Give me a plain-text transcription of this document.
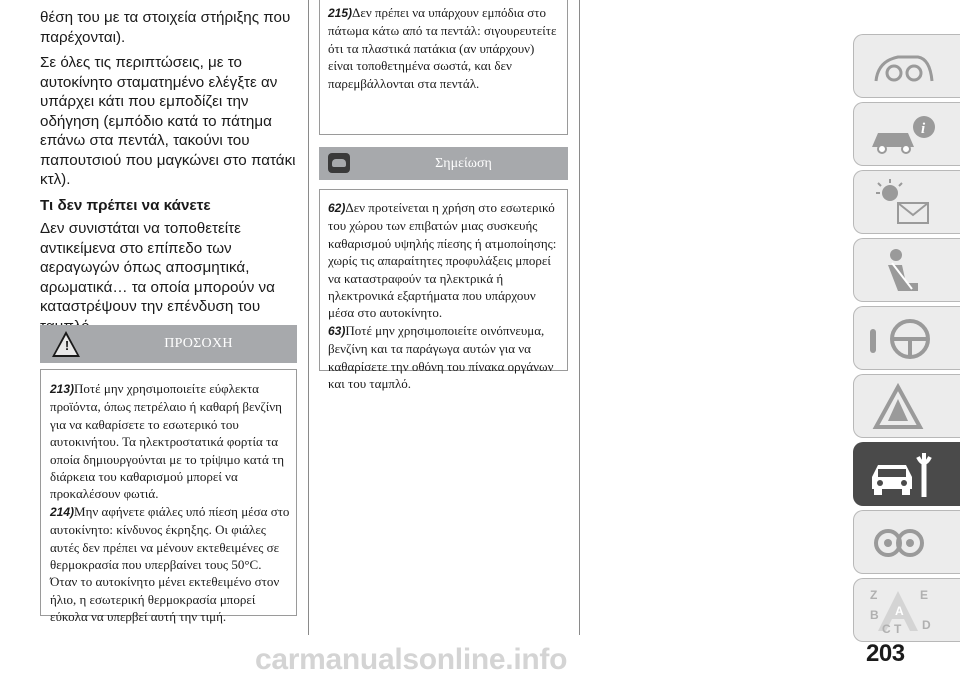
θέση του με τα στοιχεία στήριξης που παρέχονται).

Σε όλες τις περιπτώσεις, με το αυτοκίνητο σταματημένο ελέγξτε αν υπάρχει κάτι που εμποδίζει την οδήγηση (εμπόδιο κατά το πάτημα επάνω στα πεντάλ, τακούνι του παπουτσιού που μαγκώνει στο πατάκι κτλ).

Τι δεν πρέπει να κάνετε

Δεν συνιστάται να τοποθετείτε αντικείμενα στο επίπεδο των αεραγωγών όπως αποσμητικά, αρωματικά… τα οποία μπορούν να καταστρέψουν την επένδυση του

!	ΠΡΟΣΟΧΗ

213)Ποτέ μην χρησιμοποιείτε εύφλεκτα προϊόντα, όπως πετρέλαιο ή καθαρή βενζίνη για να καθαρίσετε το εσωτερικό του αυτοκινήτου. Τα ηλεκτροστατικά φορτία τα οποία δημιουργούνται με το τρίψιμο κατά τη διάρκεια του καθαρισμού μπορεί να προκαλέσουν φωτιά.

214)Μην αφήνετε φιάλες υπό πίεση μέσα στο αυτοκίνητο: κίνδυνος έκρηξης. Οι φιάλες αυτές δεν πρέπει να μένουν εκτεθειμένες σε θερμοκρασία που υπερβαίνει τους 50°C. Όταν το αυτοκίνητο μένει εκτεθειμένο στον ήλιο, η εσωτερική θερμοκρασία μπορεί εύκολα να υπερβεί αυτή την τιμή.

215)Δεν πρέπει να υπάρχουν εμπόδια στο πάτωμα κάτω από τα πεντάλ: σιγουρευτείτε ότι τα πλαστικά πατάκια (αν υπάρχουν) είναι τοποθετημένα σωστά, και δεν παρεμβάλλονται στα πεντάλ.

Σημείωση

62)Δεν προτείνεται η χρήση στο εσωτερικό του χώρου των επιβατών μιας συσκευής καθαρισμού υψηλής πίεσης ή ατμοποίησης: χωρίς τις απαραίτητες προφυλάξεις μπορεί να καταστραφούν τα ηλεκτρικά ή ηλεκτρονικά εξαρτήματα που υπάρχουν μέσα στο αυτοκίνητο.

63)Ποτέ μην χρησιμοποιείτε οινόπνευμα, βενζίνη και τα παράγωγα αυτών για να καθαρίσετε την οθόνη του πίνακα οργάνων και του ταμπλό.

i
Z	E
B A
C T D
carmanualsonline.info	203
